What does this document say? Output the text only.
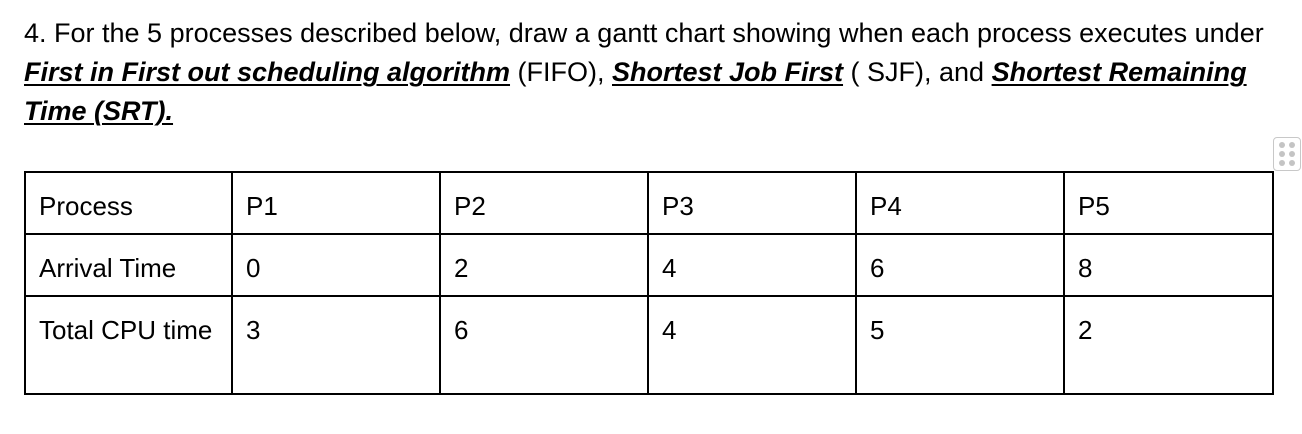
4. For the 5 processes described below, draw a gantt chart showing when each process executes under First in First out scheduling algorithm (FIFO), Shortest Job First ( SJF), and Shortest Remaining Time (SRT).

Process	P1	P2	P3	P4	P5
Arrival Time	0	2	4	6	8
Total CPU time	3	6	4	5	2
